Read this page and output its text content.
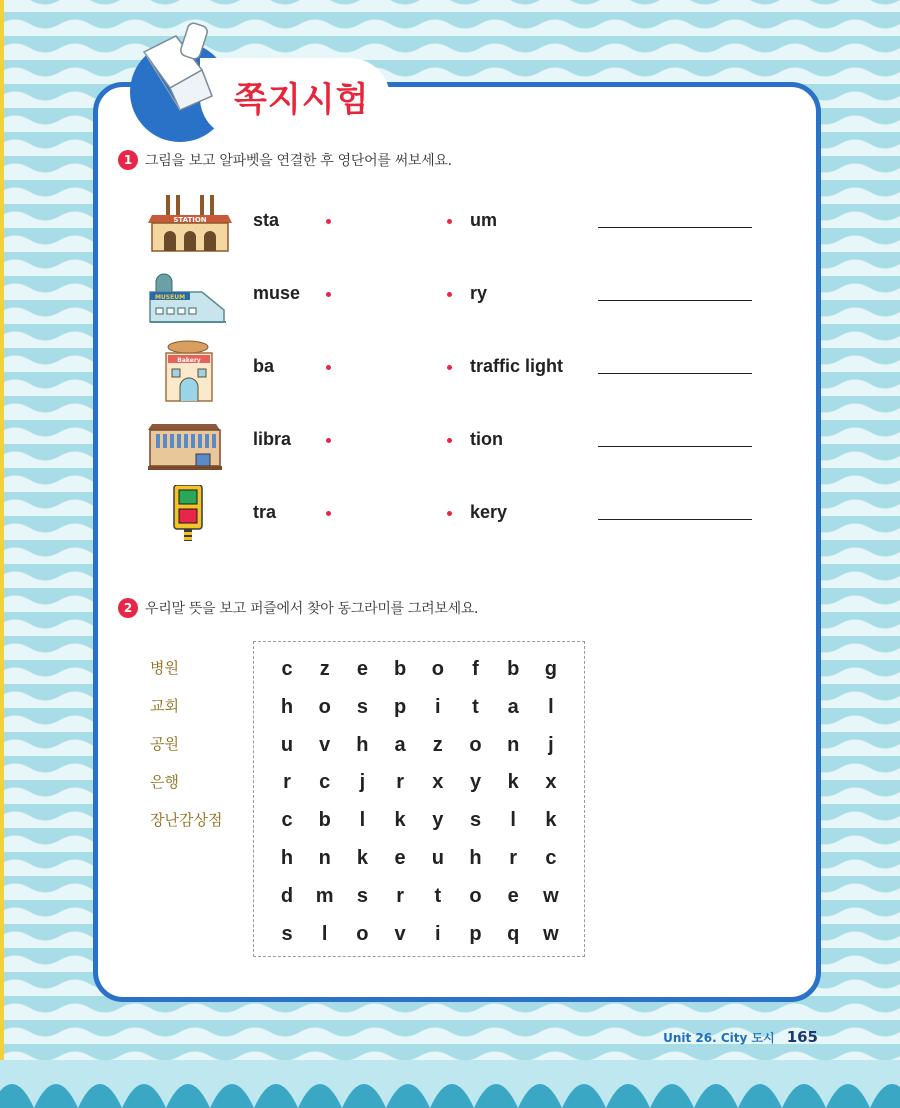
쪽지시험
1 그림을 보고 알파벳을 연결한 후 영단어를 써보세요.
STATION	sta	um
MUSEUM	muse	ry
Bakery	ba	traffic light
libra	tion
tra	kery
2 우리말 뜻을 보고 퍼즐에서 찾아 동그라미를 그려보세요.
병원
교회
공원
은행
장난감상점
c	z	e	b	o	f	b	g
h	o	s	p	i	t	a	l
u	v	h	a	z	o	n	j
r	c	j	r	x	y	k	x
c	b	l	k	y	s	l	k
h	n	k	e	u	h	r	c
d	m	s	r	t	o	e	w
s	l	o	v	i	p	q	w
Unit 26. City 도시 165
